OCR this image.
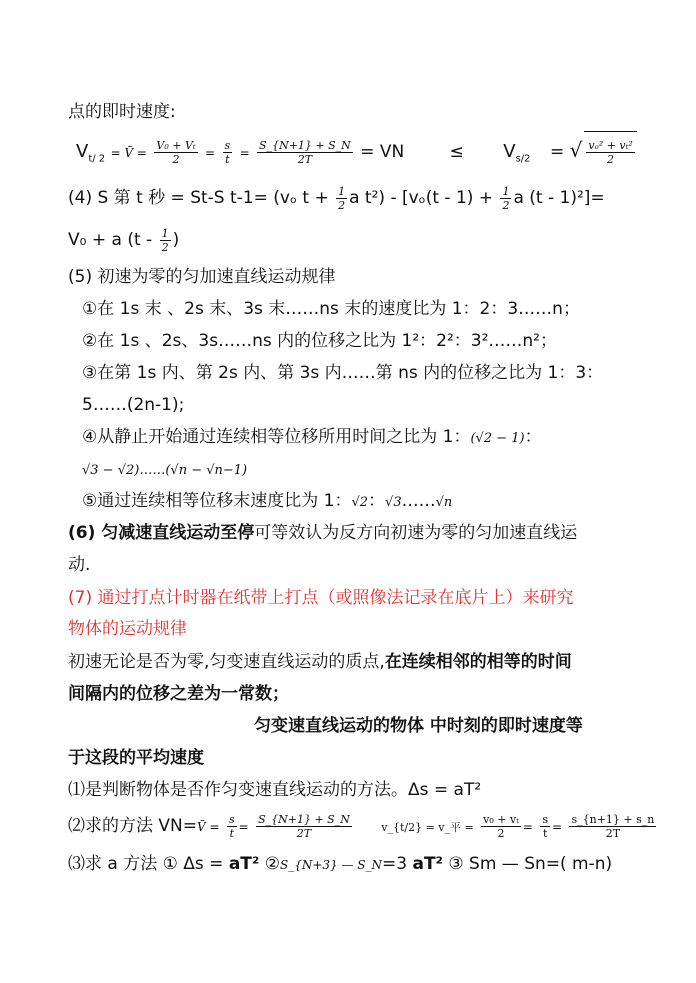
点的即时速度:
$V_{t/ 2}$ = V̄ = $\frac{\text{V₀ + Vₜ}}{2} = \frac{s}{t} = \frac{S\_\{N+1\} + S\_N}{2T}$ = VN	≤ $V_{s/2}$ = √ $\frac{\text{vₒ² + vₜ²}}{2}$
(4) S 第 t 秒 = St-S t-1= (vₒ $t + \frac{1}{2}$ a $t^2) - [v_o(t - 1) + \frac{1}{2}$ a (t - 1)²]=
V₀ + a ($t - \frac{1}{2}$ )
(5) 初速为零的匀加速直线运动规律
①在 1s 末 、2s 末、3s 末……ns 末的速度比为 1：2：3……n；
②在 1s 、2s、3s……ns 内的位移之比为 1²：2²：3²……n²；
③在第 1s 内、第 2s 内、第 3s 内……第 ns 内的位移之比为 1：3：
5……(2n-1);
④从静止开始通过连续相等位移所用时间之比为 1：(√2 − 1)：
√3 − √2)……(√n − √n−1)
⑤通过连续相等位移末速度比为 1：√2：√3……√n
(6) 匀减速直线运动至停可等效认为反方向初速为零的匀加速直线运
动.
(7) 通过打点计时器在纸带上打点（或照像法记录在底片上）来研究
物体的运动规律
初速无论是否为零,匀变速直线运动的质点,在连续相邻的相等的时间
间隔内的位移之差为一常数；
匀变速直线运动的物体 中时刻的即时速度等
于这段的平均速度
⑴是判断物体是否作匀变速直线运动的方法。Δs = aT²
⑵求的方法 VN=V̄ = $\frac{s}{t} = \frac{S\_\{N+1\} + S\_N}{2T}$	v_{t/2} = v_平 = $\frac{\text{v₀ + vₜ}}{2} = \frac{s}{t} = \frac{s\_\{n+1\} + s\_n}{2T}$
⑶求 a 方法 ① Δs = aT² ②S_{N+3} — S_N=3 aT² ③ Sm — Sn=( m-n)
